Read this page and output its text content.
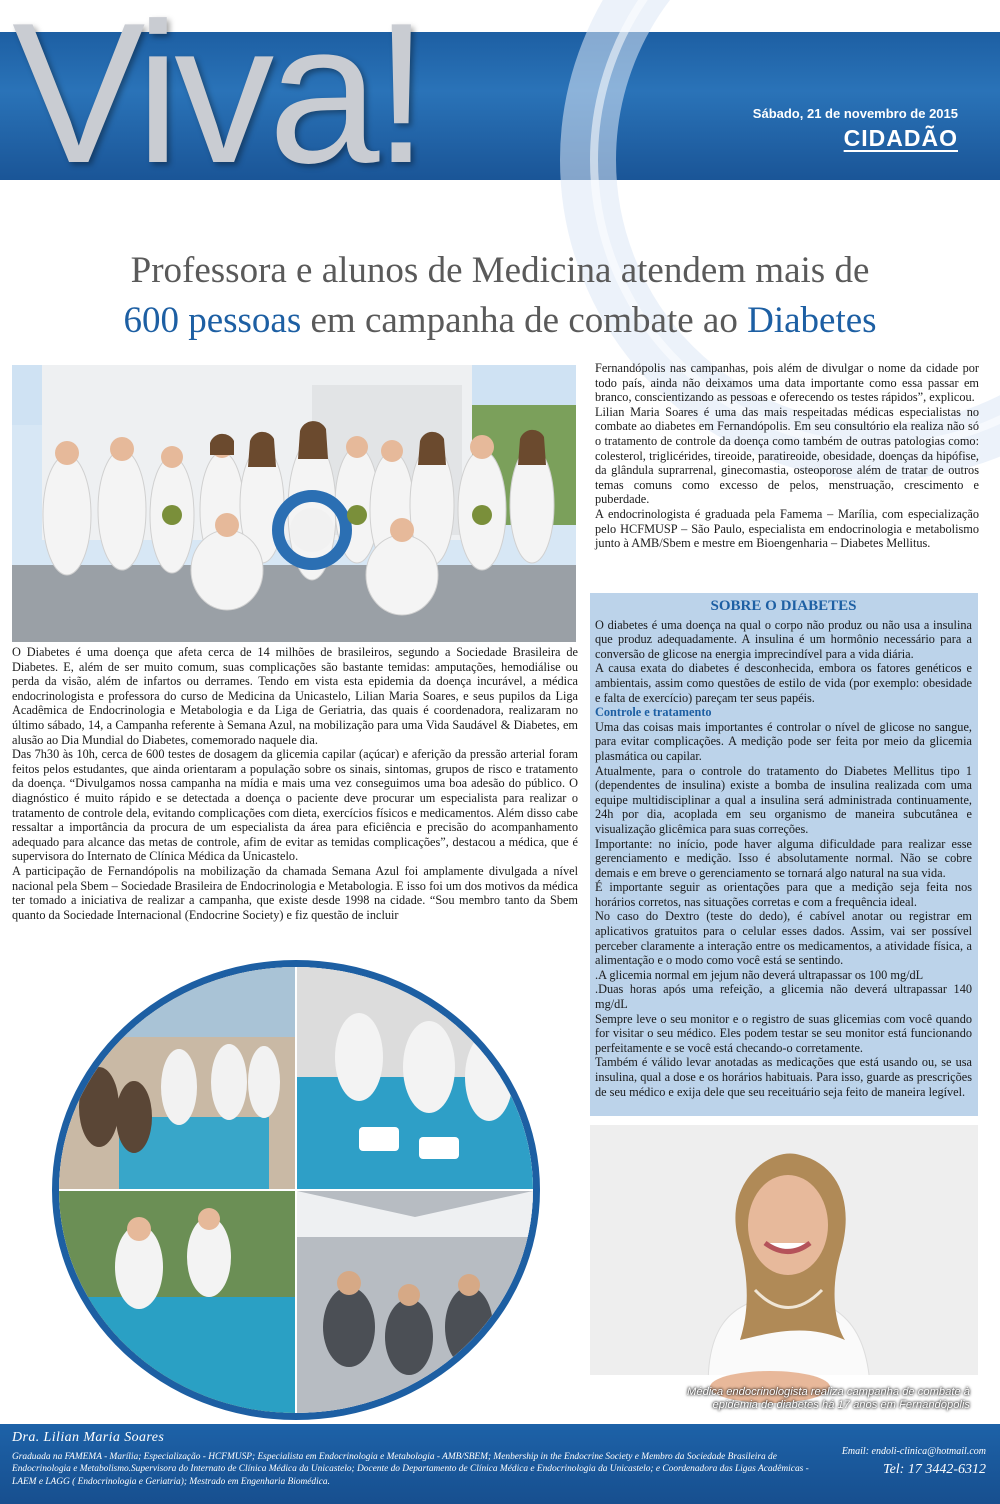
Viva!	Sábado, 21 de novembro de 2015
CIDADÃO
Professora e alunos de Medicina atendem mais de
600 pessoas em campanha de combate ao Diabetes

O Diabetes é uma doença que afeta cerca de 14 milhões de brasileiros, segundo a Sociedade Brasileira de Diabetes. E, além de ser muito comum, suas complicações são bastante temidas: amputações, hemodiálise ou perda da visão, além de infartos ou derrames. Tendo em vista esta epidemia da doença incurável, a médica endocrinologista e professora do curso de Medicina da Unicastelo, Lilian Maria Soares, e seus pupilos da Liga Acadêmica de Endocrinologia e Metabologia e da Liga de Geriatria, das quais é coordenadora, realizaram no último sábado, 14, a Campanha referente à Semana Azul, na mobilização para uma Vida Saudável & Diabetes, em alusão ao Dia Mundial do Diabetes, comemorado naquele dia.

Das 7h30 às 10h, cerca de 600 testes de dosagem da glicemia capilar (açúcar) e aferição da pressão arterial foram feitos pelos estudantes, que ainda orientaram a população sobre os sinais, sintomas, grupos de risco e tratamento da doença. “Divulgamos nossa campanha na mídia e mais uma vez conseguimos uma boa adesão do público. O diagnóstico é muito rápido e se detectada a doença o paciente deve procurar um especialista para realizar o tratamento de controle dela, evitando complicações com dieta, exercícios físicos e medicamentos. Além disso cabe ressaltar a importância da procura de um especialista da área para eficiência e precisão do acompanhamento adequado para alcance das metas de controle, afim de evitar as temidas complicações”, destacou a médica, que é supervisora do Internato de Clínica Médica da Unicastelo.

A participação de Fernandópolis na mobilização da chamada Semana Azul foi amplamente divulgada a nível nacional pela Sbem – Sociedade Brasileira de Endocrinologia e Metabologia. E isso foi um dos motivos da médica ter tomado a iniciativa de realizar a campanha, que existe desde 1998 na cidade. “Sou membro tanto da Sbem quanto da Sociedade Internacional (Endocrine Society) e fiz questão de incluir

Fernandópolis nas campanhas, pois além de divulgar o nome da cidade por todo país, ainda não deixamos uma data importante como essa passar em branco, conscientizando as pessoas e oferecendo os testes rápidos”, explicou.

Lilian Maria Soares é uma das mais respeitadas médicas especialistas no combate ao diabetes em Fernandópolis. Em seu consultório ela realiza não só o tratamento de controle da doença como também de outras patologias como: colesterol, triglicérides, tireoide, paratireoide, obesidade, doenças da hipófise, da glândula suprarrenal, ginecomastia, osteoporose além de tratar de outros temas comuns como excesso de pelos, menstruação, crescimento e puberdade.

A endocrinologista é graduada pela Famema – Marília, com especialização pelo HCFMUSP – São Paulo, especialista em endocrinologia e metabolismo junto à AMB/Sbem e mestre em Bioengenharia – Diabetes Mellitus.

SOBRE O DIABETES

O diabetes é uma doença na qual o corpo não produz ou não usa a insulina que produz adequadamente. A insulina é um hormônio necessário para a conversão de glicose na energia imprecindível para a vida diária.

A causa exata do diabetes é desconhecida, embora os fatores genéticos e ambientais, assim como questões de estilo de vida (por exemplo: obesidade e falta de exercício) pareçam ter seus papéis.

Controle e tratamento

Uma das coisas mais importantes é controlar o nível de glicose no sangue, para evitar complicações. A medição pode ser feita por meio da glicemia plasmática ou capilar.

Atualmente, para o controle do tratamento do Diabetes Mellitus tipo 1 (dependentes de insulina) existe a bomba de insulina realizada com uma equipe multidisciplinar a qual a insulina será administrada continuamente, 24h por dia, acoplada em seu organismo de maneira subcutânea e visualização glicêmica para suas correções.

Importante: no início, pode haver alguma dificuldade para realizar esse gerenciamento e medição. Isso é absolutamente normal. Não se cobre demais e em breve o gerenciamento se tornará algo natural na sua vida.

É importante seguir as orientações para que a medição seja feita nos horários corretos, nas situações corretas e com a frequência ideal.

No caso do Dextro (teste do dedo), é cabível anotar ou registrar em aplicativos gratuitos para o celular esses dados. Assim, vai ser possível perceber claramente a interação entre os medicamentos, a atividade física, a alimentação e o modo como você está se sentindo.

.A glicemia normal em jejum não deverá ultrapassar os 100 mg/dL

.Duas horas após uma refeição, a glicemia não deverá ultrapassar 140 mg/dL

Sempre leve o seu monitor e o registro de suas glicemias com você quando for visitar o seu médico. Eles podem testar se seu monitor está funcionando perfeitamente e se você está checando-o corretamente.

Também é válido levar anotadas as medicações que está usando ou, se usa insulina, qual a dose e os horários habituais. Para isso, guarde as prescrições de seu médico e exija dele que seu receituário seja feito de maneira legível.

Médica endocrinologista realiza campanha de combate à
epidemia de diabetes há 17 anos em Fernandópolis
Dra. Lilian Maria Soares
Graduada na FAMEMA - Marília; Especialização - HCFMUSP; Especialista em Endocrinologia e Metabologia - AMB/SBEM; Menbership in the Endocrine Society e Membro da Sociedade Brasileira de Endocrinologia e Metabolismo.Supervisora do Internato de Clínica Médica da Unicastelo; Docente do Departamento de Clínica Médica e Endocrinologia da Unicastelo; e Coordenadora das Ligas Acadêmicas - LAEM e LAGG ( Endocrinologia e Geriatria); Mestrado em Engenharia Biomédica.
Email: endoli-clinica@hotmail.com
Tel: 17 3442-6312
